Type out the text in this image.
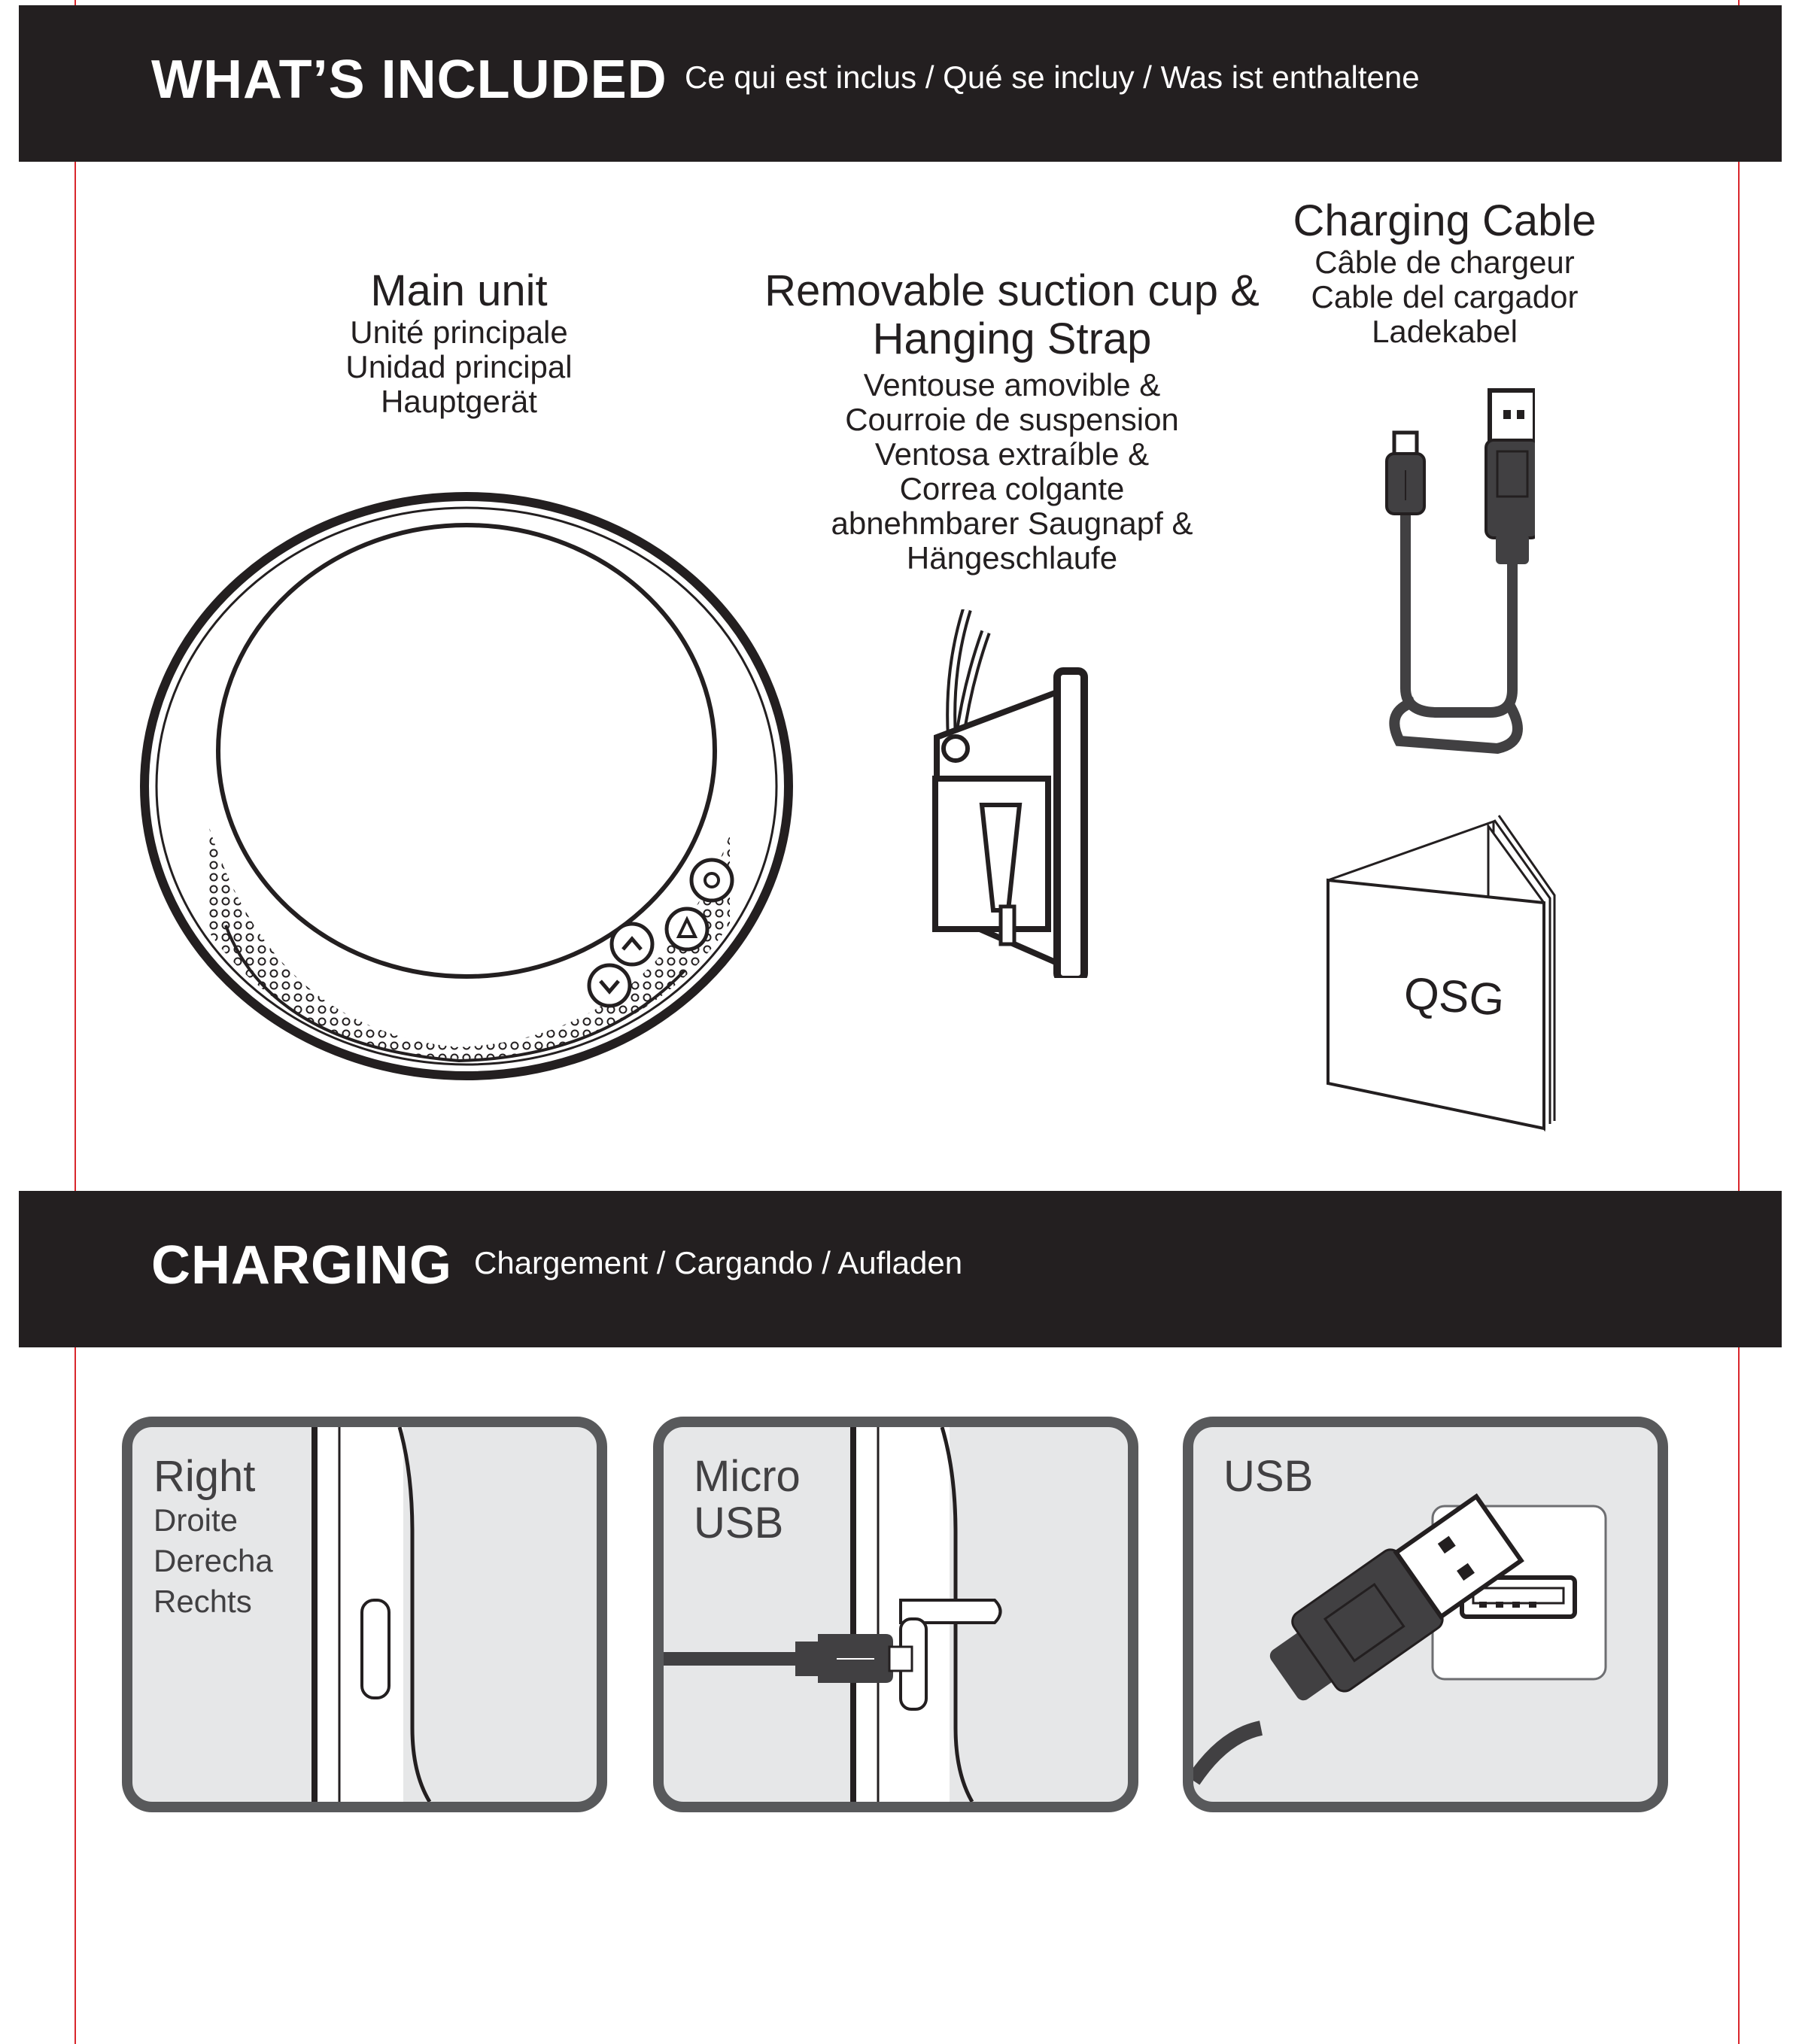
WHAT’S INCLUDED Ce qui est inclus / Qué se incluy / Was ist enthaltene
Main unit
Unité principale
Unidad principal
Hauptgerät
Removable suction cup &
Hanging Strap
Ventouse amovible &
Courroie de suspension
Ventosa extraíble &
Correa colgante
abnehmbarer Saugnapf &
Hängeschlaufe
Charging Cable
Câble de chargeur
Cable del cargador
Ladekabel
QSG
CHARGING Chargement / Cargando / Aufladen
Right
Droite
Derecha
Rechts
Micro
USB
USB
